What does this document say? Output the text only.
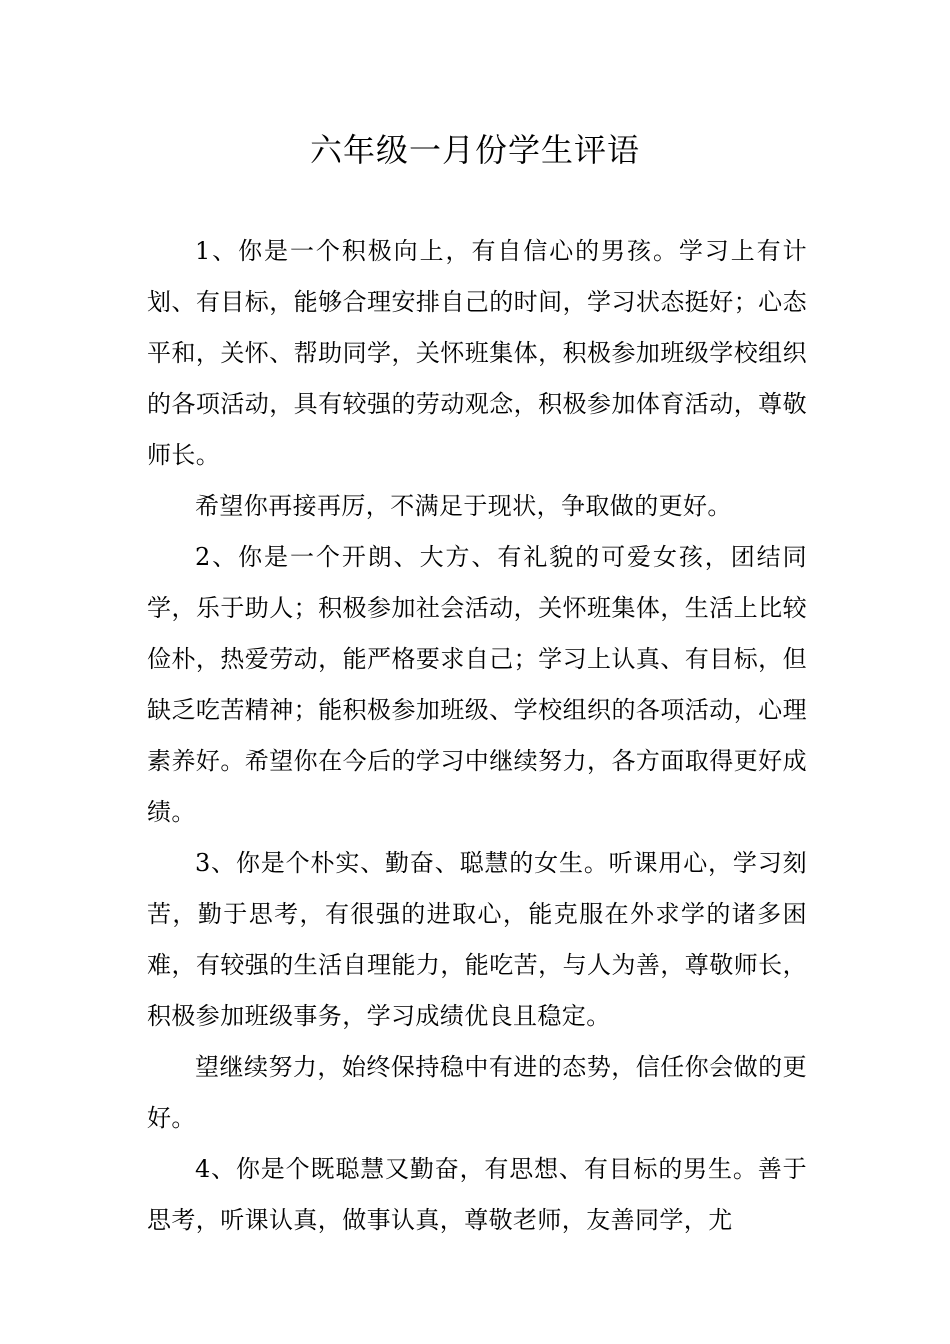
六年级一月份学生评语

1、你是一个积极向上，有自信心的男孩。学习上有计划、有目标，能够合理安排自己的时间，学习状态挺好；心态平和，关怀、帮助同学，关怀班集体，积极参加班级学校组织的各项活动，具有较强的劳动观念，积极参加体育活动，尊敬师长。

希望你再接再厉，不满足于现状，争取做的更好。

2、你是一个开朗、大方、有礼貌的可爱女孩，团结同学，乐于助人；积极参加社会活动，关怀班集体，生活上比较俭朴，热爱劳动，能严格要求自己；学习上认真、有目标，但缺乏吃苦精神；能积极参加班级、学校组织的各项活动，心理素养好。希望你在今后的学习中继续努力，各方面取得更好成绩。

3、你是个朴实、勤奋、聪慧的女生。听课用心，学习刻苦，勤于思考，有很强的进取心，能克服在外求学的诸多困难，有较强的生活自理能力，能吃苦，与人为善，尊敬师长，积极参加班级事务，学习成绩优良且稳定。

望继续努力，始终保持稳中有进的态势，信任你会做的更好。

4、你是个既聪慧又勤奋，有思想、有目标的男生。善于思考，听课认真，做事认真，尊敬老师，友善同学，尤
